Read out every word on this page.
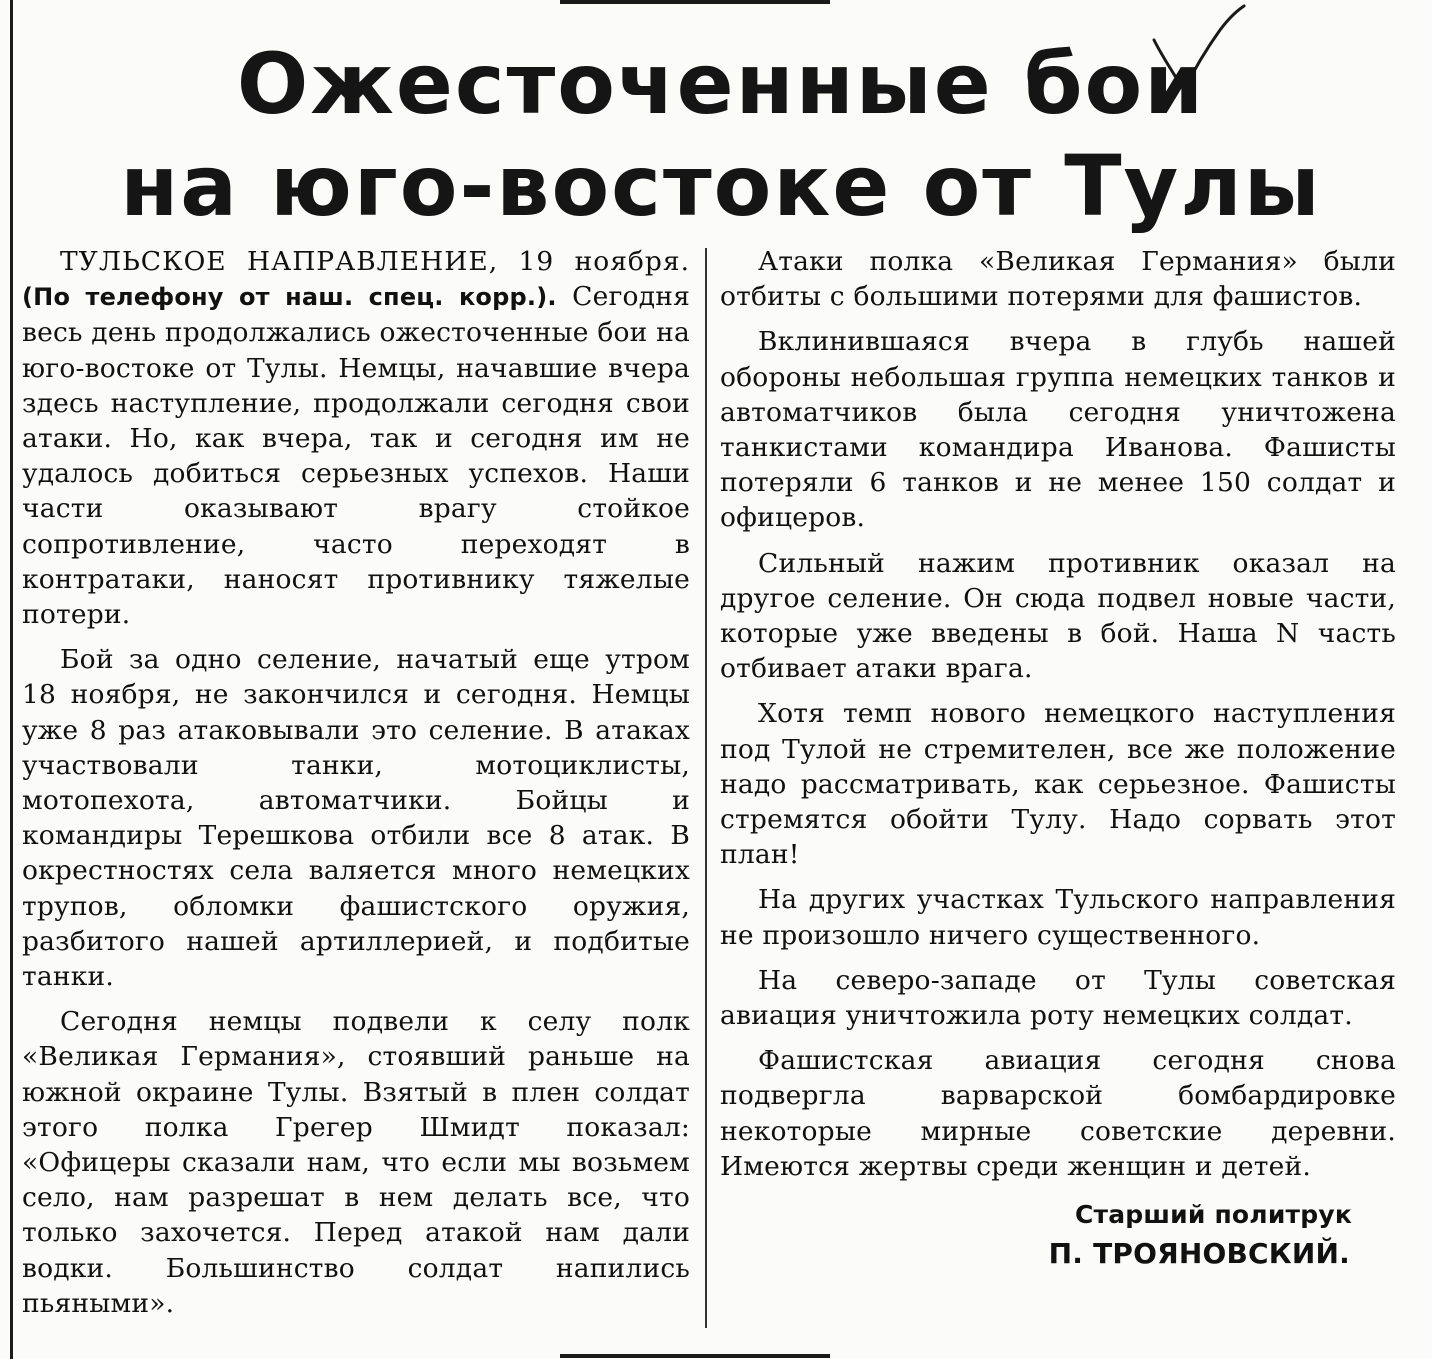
Ожесточенные бои
на юго-востоке от Тулы

ТУЛЬСКОЕ НАПРАВЛЕНИЕ, 19 ноября. (По телефону от наш. спец. корр.). Сегодня весь день продолжались ожесточенные бои на юго-востоке от Тулы. Немцы, начавшие вчера здесь наступление, продолжали сегодня свои атаки. Но, как вчера, так и сегодня им не удалось добиться серьезных успехов. Наши части оказывают врагу стойкое сопротивление, часто переходят в контратаки, наносят противнику тяжелые потери.

Бой за одно селение, начатый еще утром 18 ноября, не закончился и сегодня. Немцы уже 8 раз атаковывали это селение. В атаках участвовали танки, мотоциклисты, мотопехота, автоматчики. Бойцы и командиры Терешкова отбили все 8 атак. В окрестностях села валяется много немецких трупов, обломки фашистского оружия, разбитого нашей артиллерией, и подбитые танки.

Сегодня немцы подвели к селу полк «Великая Германия», стоявший раньше на южной окраине Тулы. Взятый в плен солдат этого полка Грегер Шмидт показал: «Офицеры сказали нам, что если мы возьмем село, нам разрешат в нем делать все, что только захочется. Перед атакой нам дали водки. Большинство солдат напились пьяными».

Атаки полка «Великая Германия» были отбиты с большими потерями для фашистов.

Вклинившаяся вчера в глубь нашей обороны небольшая группа немецких танков и автоматчиков была сегодня уничтожена танкистами командира Иванова. Фашисты потеряли 6 танков и не менее 150 солдат и офицеров.

Сильный нажим противник оказал на другое селение. Он сюда подвел новые части, которые уже введены в бой. Наша N часть отбивает атаки врага.

Хотя темп нового немецкого наступления под Тулой не стремителен, все же положение надо рассматривать, как серьезное. Фашисты стремятся обойти Тулу. Надо сорвать этот план!

На других участках Тульского направления не произошло ничего существенного.

На северо-западе от Тулы советская авиация уничтожила роту немецких солдат.

Фашистская авиация сегодня снова подвергла варварской бомбардировке некоторые мирные советские деревни. Имеются жертвы среди женщин и детей.

Старший политрук
П. ТРОЯНОВСКИЙ.
